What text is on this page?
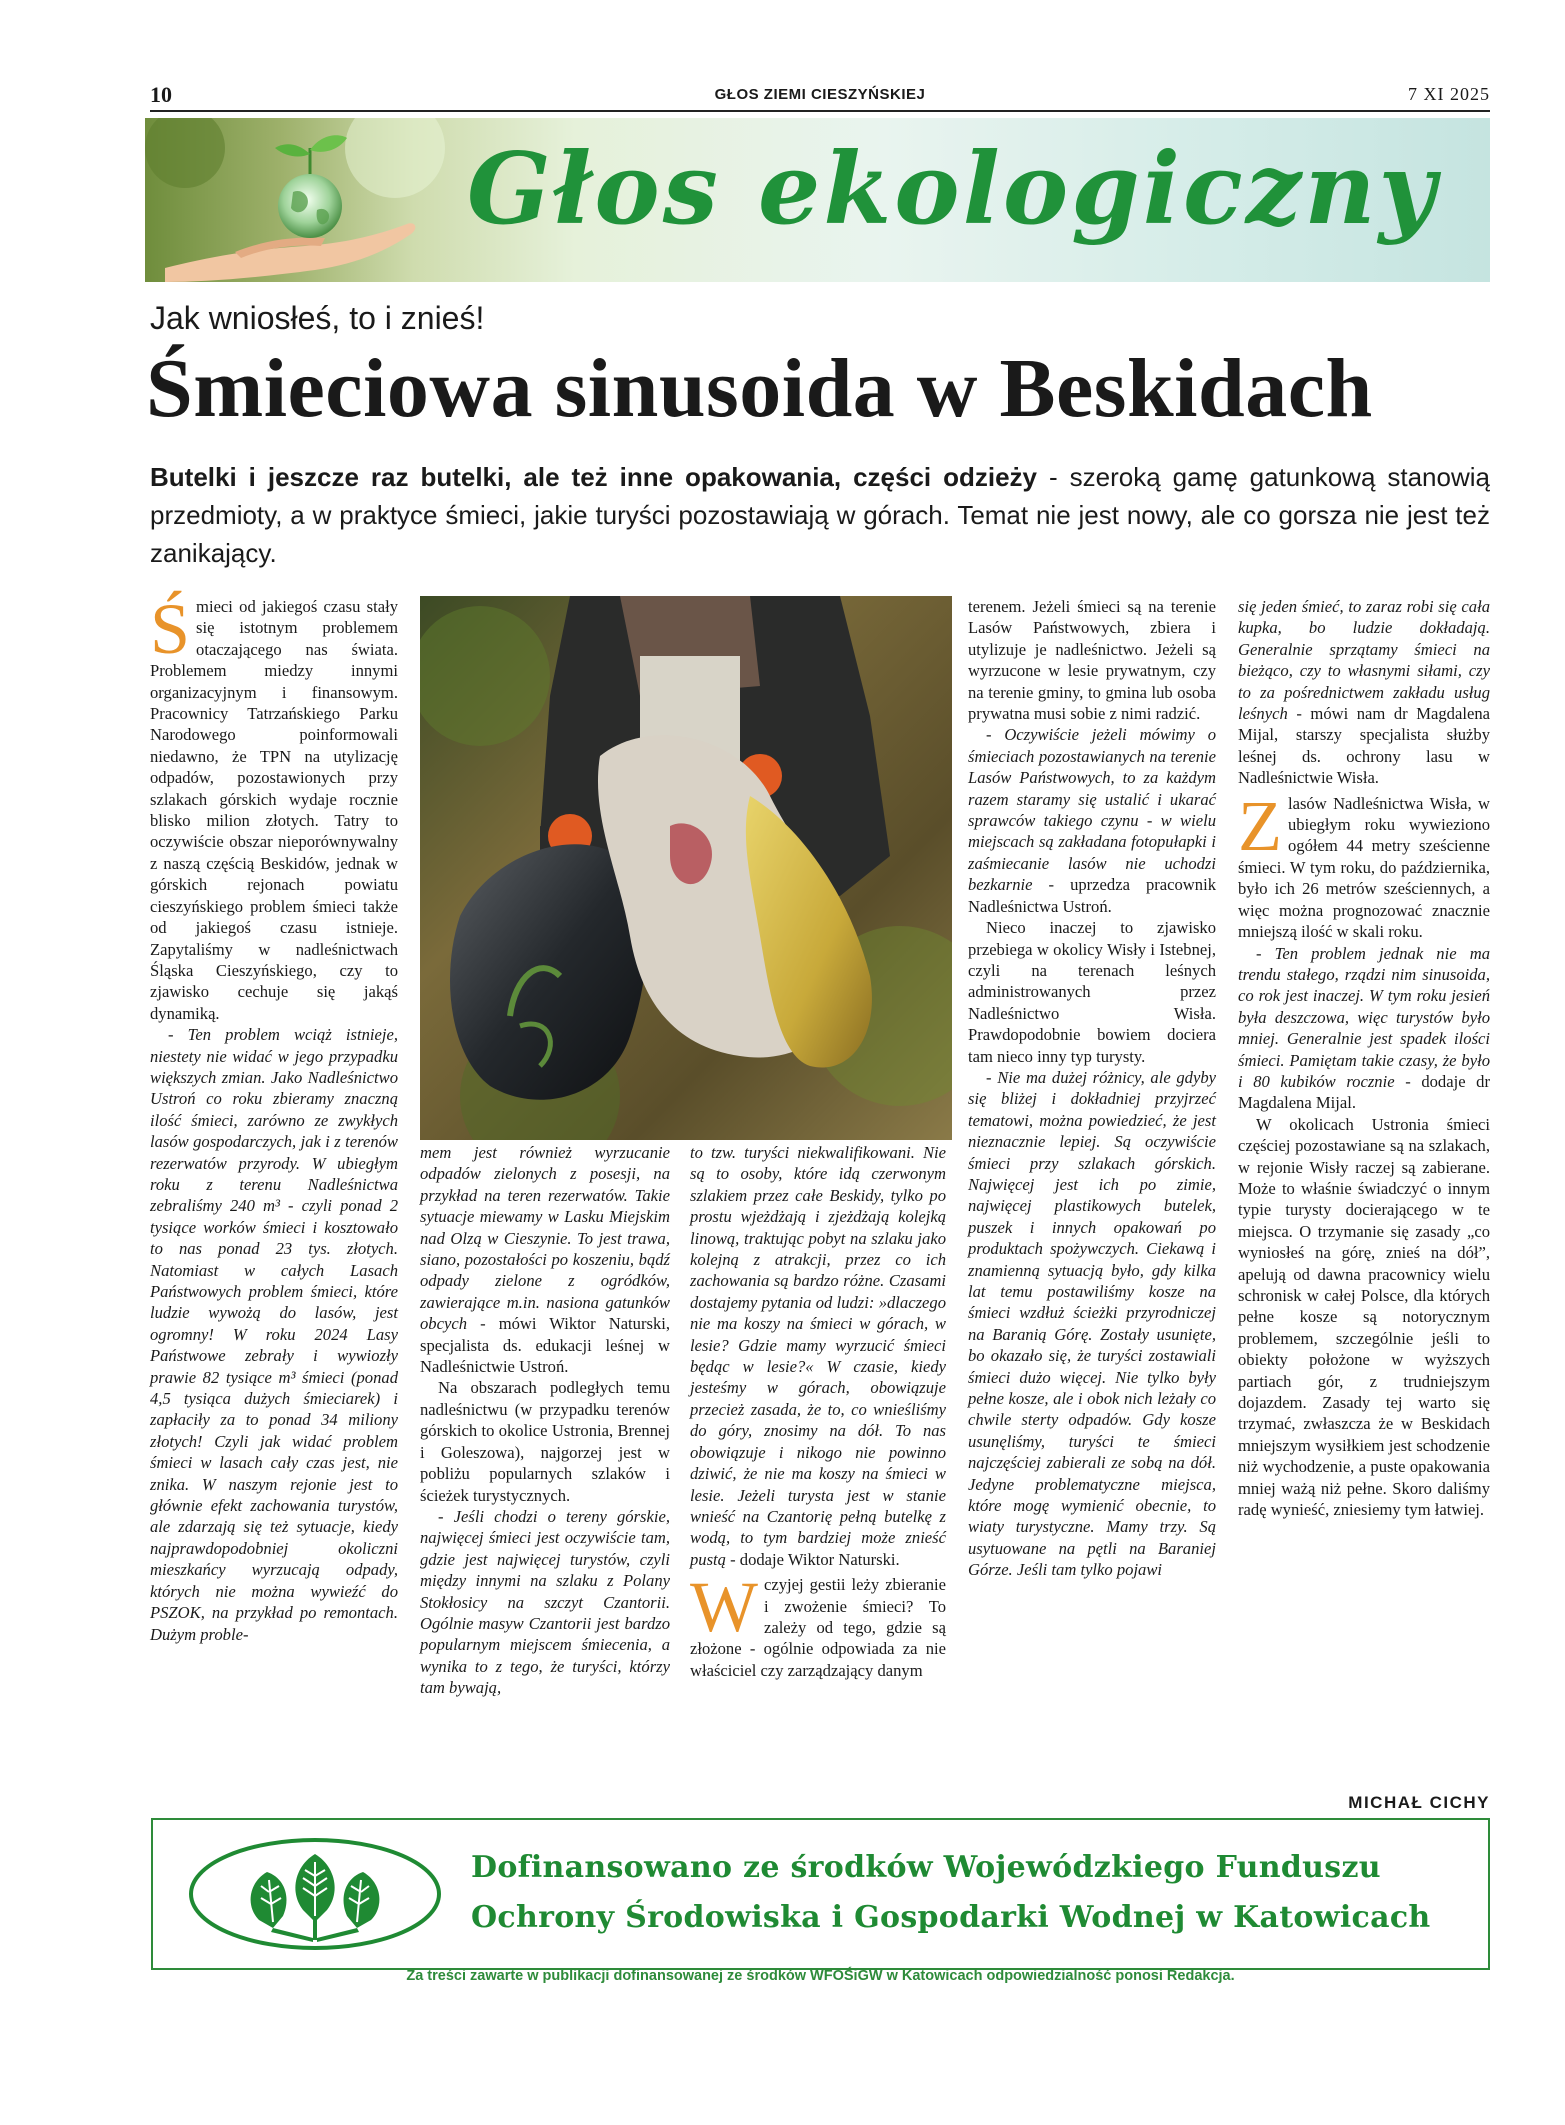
10	GŁOS ZIEMI CIESZYŃSKIEJ	7 XI 2025
Głos ekologiczny
Jak wniosłeś, to i znieś!
Śmieciowa sinusoida w Beskidach
Butelki i jeszcze raz butelki, ale też inne opakowania, części odzieży - szeroką gamę gatunkową stanowią przedmioty, a w praktyce śmieci, jakie turyści pozostawiają w górach. Temat nie jest nowy, ale co gorsza nie jest też zanikający.

Śmieci od jakiegoś czasu stały się istotnym problemem otaczającego nas świata. Problemem miedzy innymi organizacyjnym i finansowym. Pracownicy Tatrzańskiego Parku Narodowego poinformowali niedawno, że TPN na utylizację odpadów, pozostawionych przy szlakach górskich wydaje rocznie blisko milion złotych. Tatry to oczywiście obszar nieporównywalny z naszą częścią Beskidów, jednak w górskich rejonach powiatu cieszyńskiego problem śmieci także od jakiegoś czasu istnieje. Zapytaliśmy w nadleśnictwach Śląska Cieszyńskiego, czy to zjawisko cechuje się jakąś dynamiką.

- Ten problem wciąż istnieje, niestety nie widać w jego przypadku większych zmian. Jako Nadleśnictwo Ustroń co roku zbieramy znaczną ilość śmieci, zarówno ze zwykłych lasów gospodarczych, jak i z terenów rezerwatów przyrody. W ubiegłym roku z terenu Nadleśnictwa zebraliśmy 240 m³ - czyli ponad 2 tysiące worków śmieci i kosztowało to nas ponad 23 tys. złotych. Natomiast w całych Lasach Państwowych problem śmieci, które ludzie wywożą do lasów, jest ogromny! W roku 2024 Lasy Państwowe zebrały i wywiozły prawie 82 tysiące m³ śmieci (ponad 4,5 tysiąca dużych śmieciarek) i zapłaciły za to ponad 34 miliony złotych! Czyli jak widać problem śmieci w lasach cały czas jest, nie znika. W naszym rejonie jest to głównie efekt zachowania turystów, ale zdarzają się też sytuacje, kiedy najprawdopodobniej okoliczni mieszkańcy wyrzucają odpady, których nie można wywieźć do PSZOK, na przykład po remontach. Dużym proble-

mem jest również wyrzucanie odpadów zielonych z posesji, na przykład na teren rezerwatów. Takie sytuacje miewamy w Lasku Miejskim nad Olzą w Cieszynie. To jest trawa, siano, pozostałości po koszeniu, bądź odpady zielone z ogródków, zawierające m.in. nasiona gatunków obcych - mówi Wiktor Naturski, specjalista ds. edukacji leśnej w Nadleśnictwie Ustroń.

Na obszarach podległych temu nadleśnictwu (w przypadku terenów górskich to okolice Ustronia, Brennej i Goleszowa), najgorzej jest w pobliżu popularnych szlaków i ścieżek turystycznych.

- Jeśli chodzi o tereny górskie, najwięcej śmieci jest oczywiście tam, gdzie jest najwięcej turystów, czyli między innymi na szlaku z Polany Stokłosicy na szczyt Czantorii. Ogólnie masyw Czantorii jest bardzo popularnym miejscem śmiecenia, a wynika to z tego, że turyści, którzy tam bywają,

to tzw. turyści niekwalifikowani. Nie są to osoby, które idą czerwonym szlakiem przez całe Beskidy, tylko po prostu wjeżdżają i zjeżdżają kolejką linową, traktując pobyt na szlaku jako kolejną z atrakcji, przez co ich zachowania są bardzo różne. Czasami dostajemy pytania od ludzi: »dlaczego nie ma koszy na śmieci w górach, w lesie? Gdzie mamy wyrzucić śmieci będąc w lesie?« W czasie, kiedy jesteśmy w górach, obowiązuje przecież zasada, że to, co wnieśliśmy do góry, znosimy na dół. To nas obowiązuje i nikogo nie powinno dziwić, że nie ma koszy na śmieci w lesie. Jeżeli turysta jest w stanie wnieść na Czantorię pełną butelkę z wodą, to tym bardziej może znieść pustą - dodaje Wiktor Naturski.

Wczyjej gestii leży zbieranie i zwożenie śmieci? To zależy od tego, gdzie są złożone - ogólnie odpowiada za nie właściciel czy zarządzający danym

terenem. Jeżeli śmieci są na terenie Lasów Państwowych, zbiera i utylizuje je nadleśnictwo. Jeżeli są wyrzucone w lesie prywatnym, czy na terenie gminy, to gmina lub osoba prywatna musi sobie z nimi radzić.

- Oczywiście jeżeli mówimy o śmieciach pozostawianych na terenie Lasów Państwowych, to za każdym razem staramy się ustalić i ukarać sprawców takiego czynu - w wielu miejscach są zakładana fotopułapki i zaśmiecanie lasów nie uchodzi bezkarnie - uprzedza pracownik Nadleśnictwa Ustroń.

Nieco inaczej to zjawisko przebiega w okolicy Wisły i Istebnej, czyli na terenach leśnych administrowanych przez Nadleśnictwo Wisła. Prawdopodobnie bowiem dociera tam nieco inny typ turysty.

- Nie ma dużej różnicy, ale gdyby się bliżej i dokładniej przyjrzeć tematowi, można powiedzieć, że jest nieznacznie lepiej. Są oczywiście śmieci przy szlakach górskich. Najwięcej jest ich po zimie, najwięcej plastikowych butelek, puszek i innych opakowań po produktach spożywczych. Ciekawą i znamienną sytuacją było, gdy kilka lat temu postawiliśmy kosze na śmieci wzdłuż ścieżki przyrodniczej na Baranią Górę. Zostały usunięte, bo okazało się, że turyści zostawiali śmieci dużo więcej. Nie tylko były pełne kosze, ale i obok nich leżały co chwile sterty odpadów. Gdy kosze usunęliśmy, turyści te śmieci najczęściej zabierali ze sobą na dół. Jedyne problematyczne miejsca, które mogę wymienić obecnie, to wiaty turystyczne. Mamy trzy. Są usytuowane na pętli na Baraniej Górze. Jeśli tam tylko pojawi

się jeden śmieć, to zaraz robi się cała kupka, bo ludzie dokładają. Generalnie sprzątamy śmieci na bieżąco, czy to własnymi siłami, czy to za pośrednictwem zakładu usług leśnych - mówi nam dr Magdalena Mijal, starszy specjalista służby leśnej ds. ochrony lasu w Nadleśnictwie Wisła.

Zlasów Nadleśnictwa Wisła, w ubiegłym roku wywieziono ogółem 44 metry sześcienne śmieci. W tym roku, do października, było ich 26 metrów sześciennych, a więc można prognozować znacznie mniejszą ilość w skali roku.

- Ten problem jednak nie ma trendu stałego, rządzi nim sinusoida, co rok jest inaczej. W tym roku jesień była deszczowa, więc turystów było mniej. Generalnie jest spadek ilości śmieci. Pamiętam takie czasy, że było i 80 kubików rocznie - dodaje dr Magdalena Mijal.

W okolicach Ustronia śmieci częściej pozostawiane są na szlakach, w rejonie Wisły raczej są zabierane. Może to właśnie świadczyć o innym typie turysty docierającego w te miejsca. O trzymanie się zasady „co wyniosłeś na górę, znieś na dół”, apelują od dawna pracownicy wielu schronisk w całej Polsce, dla których pełne kosze są notorycznym problemem, szczególnie jeśli to obiekty położone w wyższych partiach gór, z trudniejszym dojazdem. Zasady tej warto się trzymać, zwłaszcza że w Beskidach mniejszym wysiłkiem jest schodzenie niż wychodzenie, a puste opakowania mniej ważą niż pełne. Skoro daliśmy radę wynieść, zniesiemy tym łatwiej.

MICHAŁ CICHY
Dofinansowano ze środków Wojewódzkiego Funduszu
Ochrony Środowiska i Gospodarki Wodnej w Katowicach
Za treści zawarte w publikacji dofinansowanej ze środków WFOŚiGW w Katowicach odpowiedzialność ponosi Redakcja.
